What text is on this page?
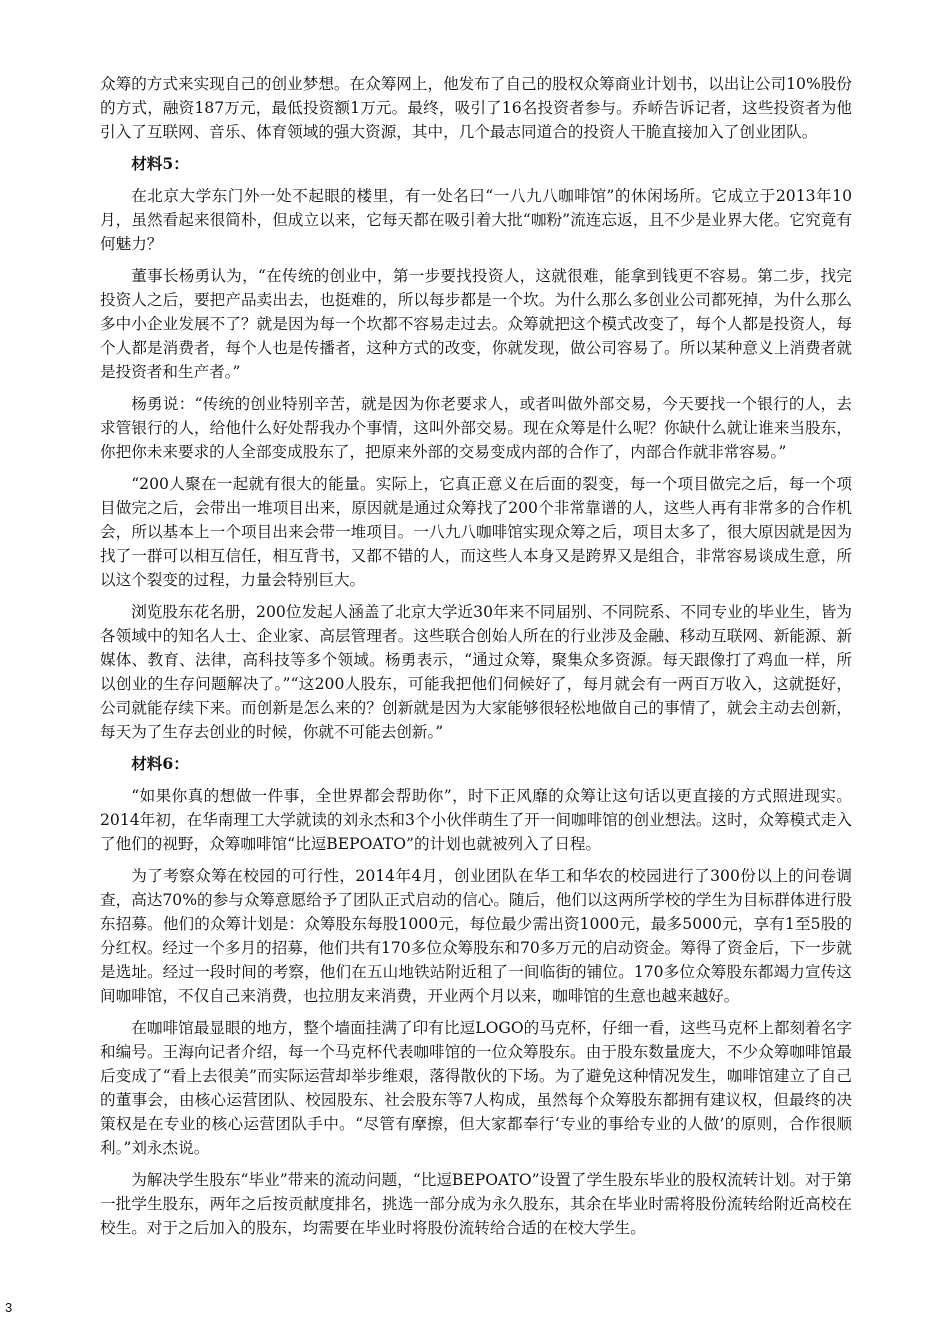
众筹的方式来实现自己的创业梦想。在众筹网上，他发布了自己的股权众筹商业计划书，以出让公司10%股份的方式，融资187万元，最低投资额1万元。最终，吸引了16名投资者参与。乔峤告诉记者，这些投资者为他引入了互联网、音乐、体育领域的强大资源，其中，几个最志同道合的投资人干脆直接加入了创业团队。

材料5：

在北京大学东门外一处不起眼的楼里，有一处名曰“一八九八咖啡馆”的休闲场所。它成立于2013年10月，虽然看起来很简朴，但成立以来，它每天都在吸引着大批“咖粉”流连忘返，且不少是业界大佬。它究竟有何魅力？

董事长杨勇认为，“在传统的创业中，第一步要找投资人，这就很难，能拿到钱更不容易。第二步，找完投资人之后，要把产品卖出去，也挺难的，所以每步都是一个坎。为什么那么多创业公司都死掉，为什么那么多中小企业发展不了？就是因为每一个坎都不容易走过去。众筹就把这个模式改变了，每个人都是投资人，每个人都是消费者，每个人也是传播者，这种方式的改变，你就发现，做公司容易了。所以某种意义上消费者就是投资者和生产者。”

杨勇说：“传统的创业特别辛苦，就是因为你老要求人，或者叫做外部交易，今天要找一个银行的人，去求管银行的人，给他什么好处帮我办个事情，这叫外部交易。现在众筹是什么呢？你缺什么就让谁来当股东，你把你未来要求的人全部变成股东了，把原来外部的交易变成内部的合作了，内部合作就非常容易。”

“200人聚在一起就有很大的能量。实际上，它真正意义在后面的裂变，每一个项目做完之后，每一个项目做完之后，会带出一堆项目出来，原因就是通过众筹找了200个非常靠谱的人，这些人再有非常多的合作机会，所以基本上一个项目出来会带一堆项目。一八九八咖啡馆实现众筹之后，项目太多了，很大原因就是因为找了一群可以相互信任，相互背书，又都不错的人，而这些人本身又是跨界又是组合，非常容易谈成生意，所以这个裂变的过程，力量会特别巨大。

浏览股东花名册，200位发起人涵盖了北京大学近30年来不同届别、不同院系、不同专业的毕业生，皆为各领域中的知名人士、企业家、高层管理者。这些联合创始人所在的行业涉及金融、移动互联网、新能源、新媒体、教育、法律，高科技等多个领域。杨勇表示，“通过众筹，聚集众多资源。每天跟像打了鸡血一样，所以创业的生存问题解决了。”“这200人股东，可能我把他们伺候好了，每月就会有一两百万收入，这就挺好，公司就能存续下来。而创新是怎么来的？创新就是因为大家能够很轻松地做自己的事情了，就会主动去创新，每天为了生存去创业的时候，你就不可能去创新。”

材料6：

“如果你真的想做一件事，全世界都会帮助你”，时下正风靡的众筹让这句话以更直接的方式照进现实。2014年初，在华南理工大学就读的刘永杰和3个小伙伴萌生了开一间咖啡馆的创业想法。这时，众筹模式走入了他们的视野，众筹咖啡馆“比逗BEPOATO”的计划也就被列入了日程。

为了考察众筹在校园的可行性，2014年4月，创业团队在华工和华农的校园进行了300份以上的问卷调查，高达70%的参与众筹意愿给予了团队正式启动的信心。随后，他们以这两所学校的学生为目标群体进行股东招募。他们的众筹计划是：众筹股东每股1000元，每位最少需出资1000元，最多5000元，享有1至5股的分红权。经过一个多月的招募，他们共有170多位众筹股东和70多万元的启动资金。筹得了资金后，下一步就是选址。经过一段时间的考察，他们在五山地铁站附近租了一间临街的铺位。170多位众筹股东都竭力宣传这间咖啡馆，不仅自己来消费，也拉朋友来消费，开业两个月以来，咖啡馆的生意也越来越好。

在咖啡馆最显眼的地方，整个墙面挂满了印有比逗LOGO的马克杯，仔细一看，这些马克杯上都刻着名字和编号。王海向记者介绍，每一个马克杯代表咖啡馆的一位众筹股东。由于股东数量庞大，不少众筹咖啡馆最后变成了“看上去很美”而实际运营却举步维艰，落得散伙的下场。为了避免这种情况发生，咖啡馆建立了自己的董事会，由核心运营团队、校园股东、社会股东等7人构成，虽然每个众筹股东都拥有建议权，但最终的决策权是在专业的核心运营团队手中。“尽管有摩擦，但大家都奉行‘专业的事给专业的人做’的原则，合作很顺利。”刘永杰说。

为解决学生股东“毕业”带来的流动问题，“比逗BEPOATO”设置了学生股东毕业的股权流转计划。对于第一批学生股东，两年之后按贡献度排名，挑选一部分成为永久股东，其余在毕业时需将股份流转给附近高校在校生。对于之后加入的股东，均需要在毕业时将股份流转给合适的在校大学生。

3
